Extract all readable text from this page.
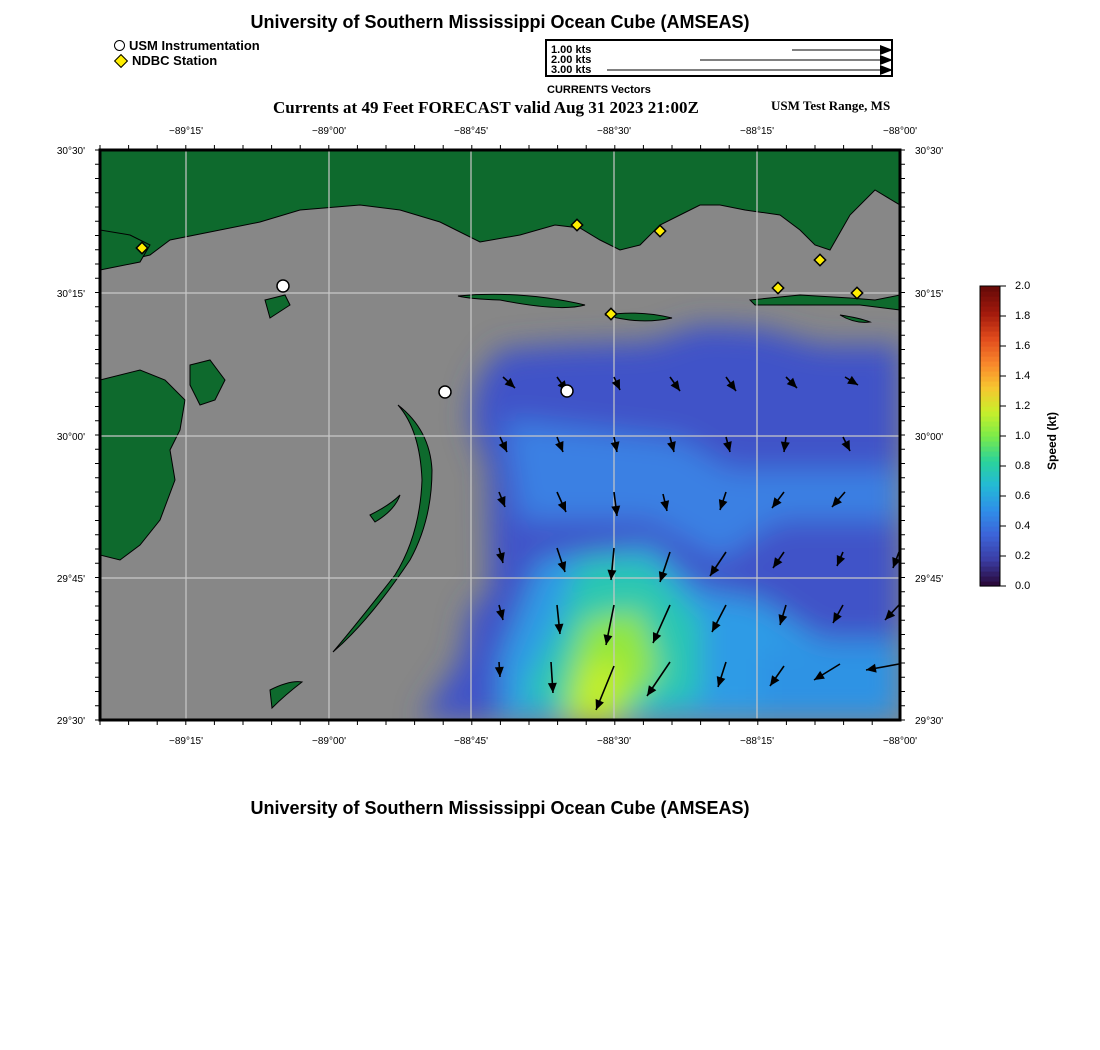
University of Southern Mississippi Ocean Cube (AMSEAS)
USM Instrumentation
NDBC Station
1.00 kts
2.00 kts
3.00 kts
CURRENTS Vectors
Currents at 49 Feet FORECAST valid Aug 31 2023 21:00Z	USM Test Range, MS
−89°15'	−89°00'	−88°45'	−88°30'	−88°15'	−88°00'
−89°15'	−89°00'	−88°45'	−88°30'	−88°15'	−88°00'
30°30'
30°15'
30°00'
29°45'
29°30'
30°30'
30°15'
30°00'
29°45'
29°30'
2.0
1.8
1.6
1.4
1.2
1.0
0.8
0.6
0.4
0.2
0.0
Speed (kt)
University of Southern Mississippi Ocean Cube (AMSEAS)
